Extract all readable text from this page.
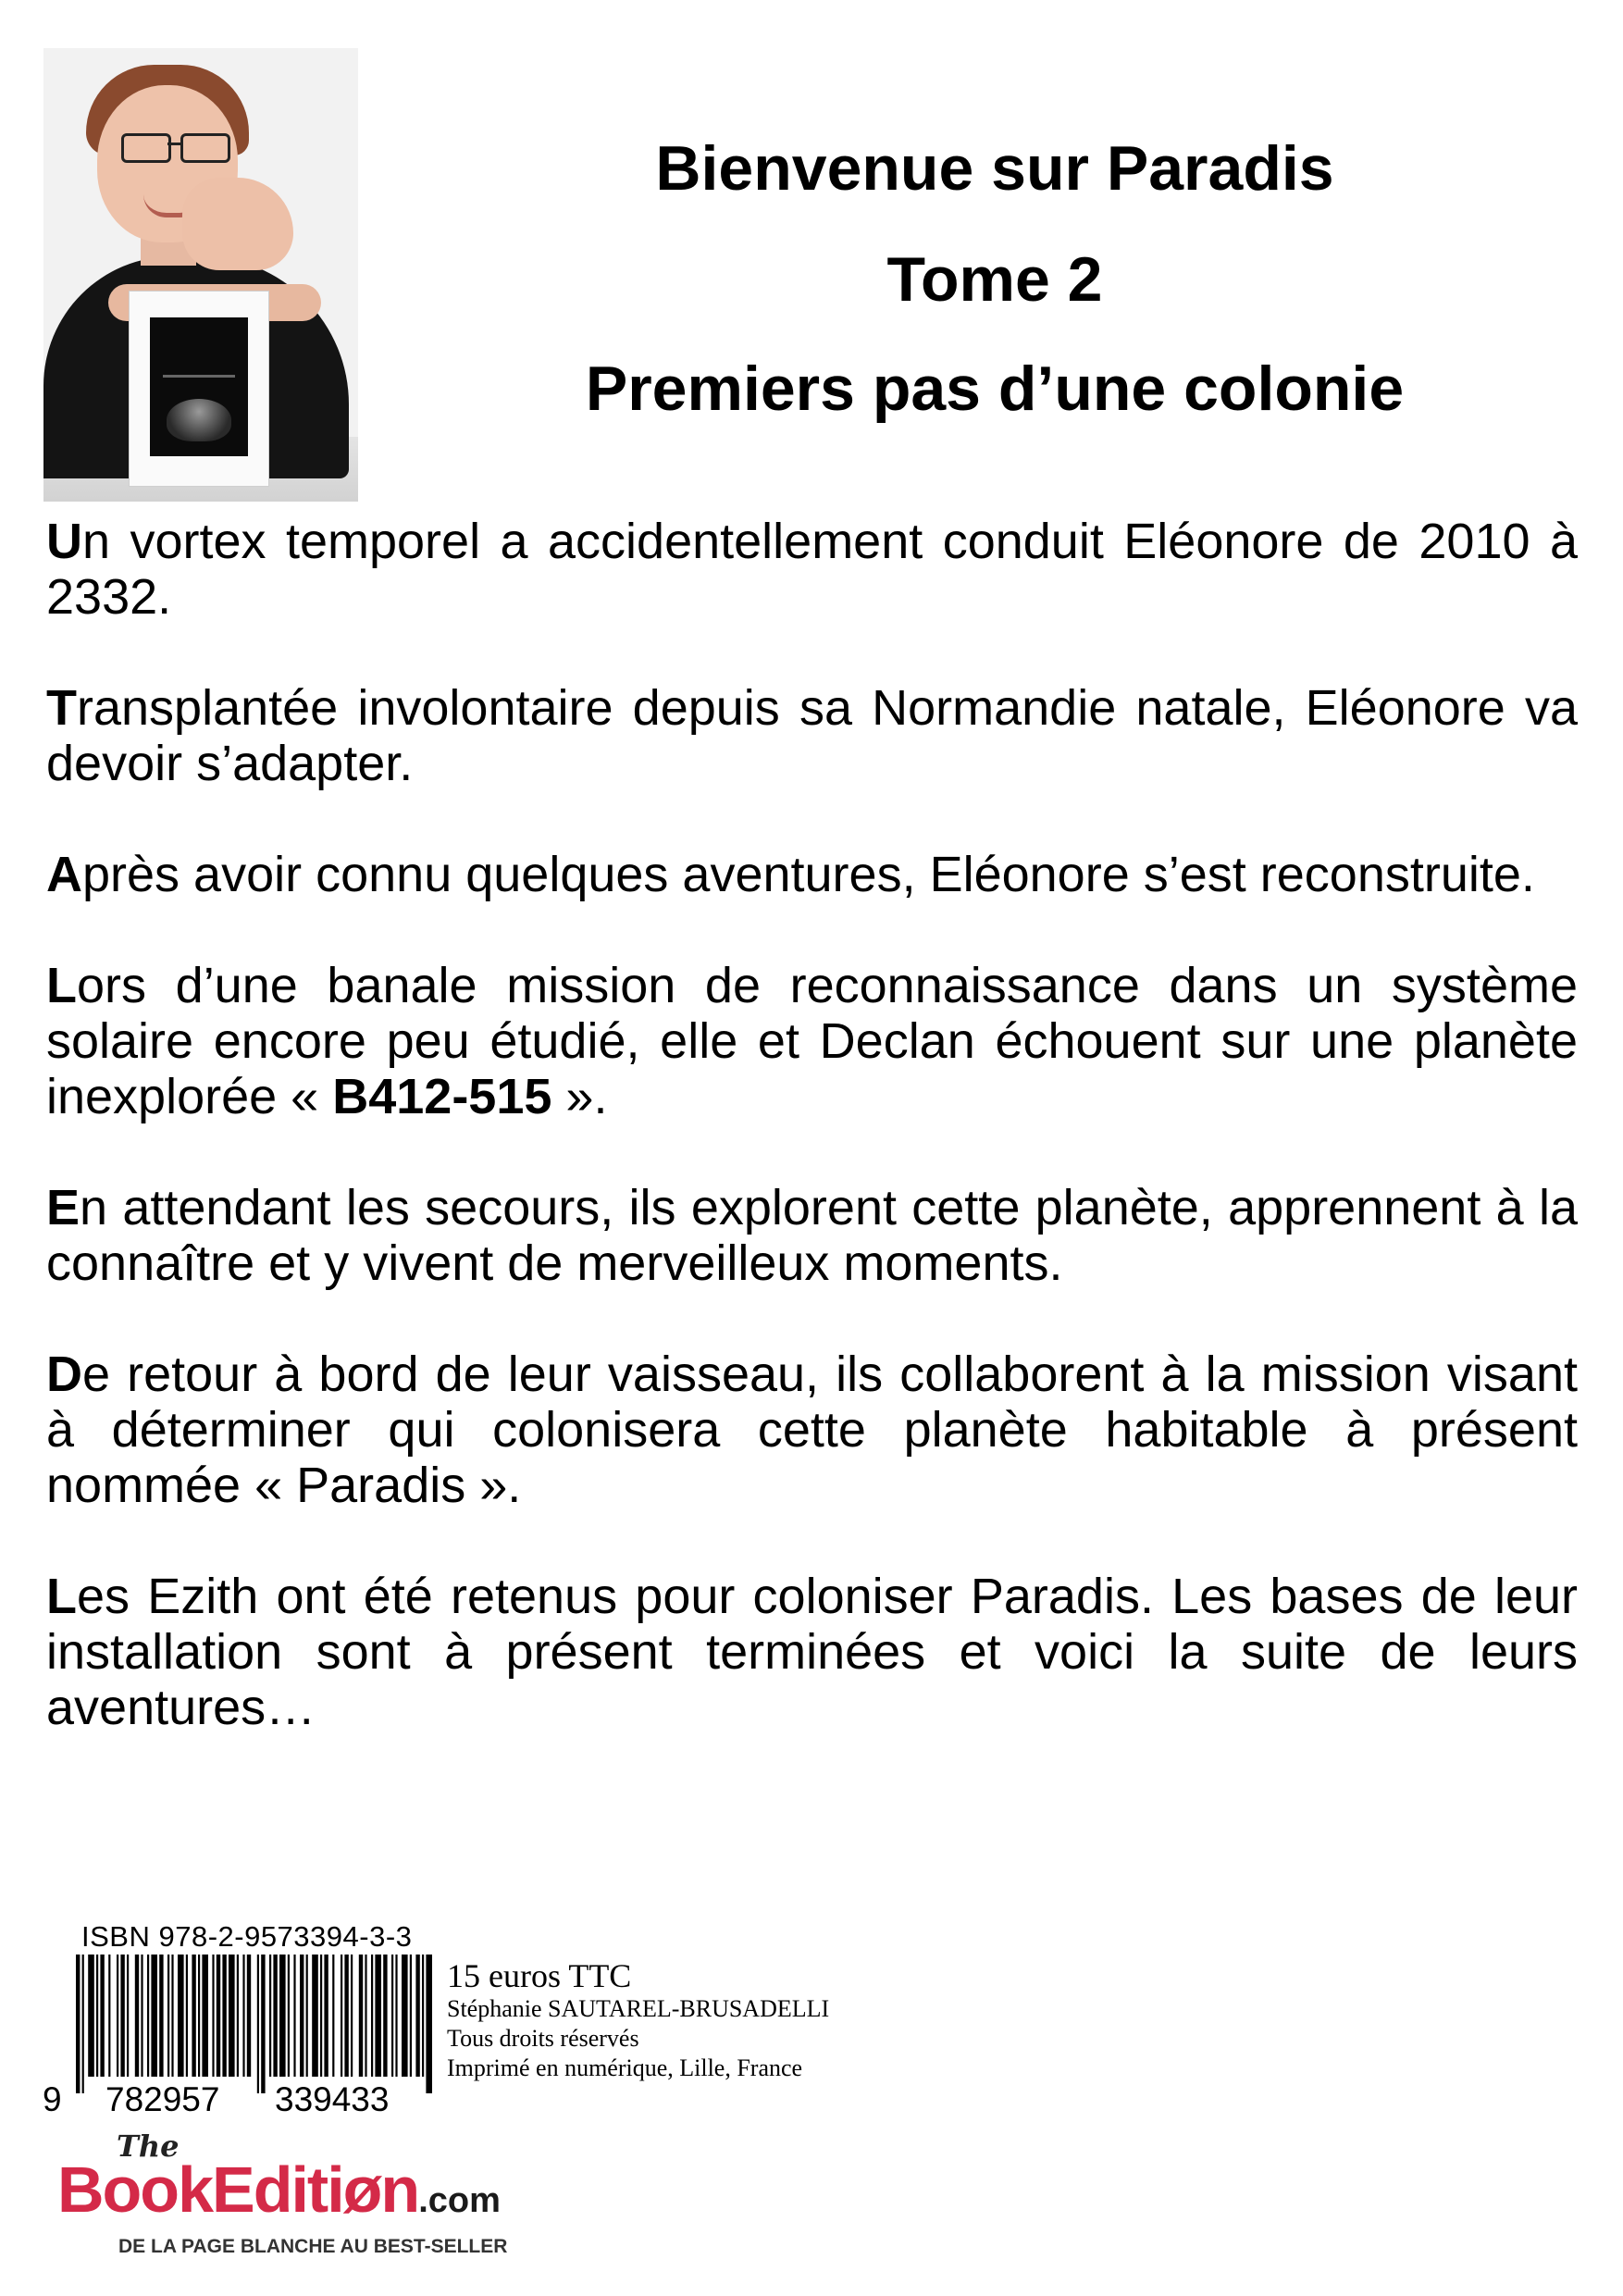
Bienvenue sur Paradis
Tome 2
Premiers pas d’une colonie

Un vortex temporel a accidentellement conduit Eléonore de 2010 à 2332.

Transplantée involontaire depuis sa Normandie natale, Eléonore va devoir s’adapter.

Après avoir connu quelques aventures, Eléonore s’est reconstruite.

Lors d’une banale mission de reconnaissance dans un système solaire encore peu étudié, elle et Declan échouent sur une planète inexplorée « B412-515 ».

En attendant les secours, ils explorent cette planète, apprennent à la connaître et y vivent de merveilleux moments.

De retour à bord de leur vaisseau, ils collaborent à la mission visant à déterminer qui colonisera cette planète habitable à présent nommée « Paradis ».

Les Ezith ont été retenus pour coloniser Paradis. Les bases de leur installation sont à présent terminées et voici la suite de leurs aventures…

ISBN 978-2-9573394-3-3
9 782957 339433
15 euros TTC
Stéphanie SAUTAREL-BRUSADELLI
Tous droits réservés
Imprimé en numérique, Lille, France
The
BookEditiøn.com
DE LA PAGE BLANCHE AU BEST-SELLER
